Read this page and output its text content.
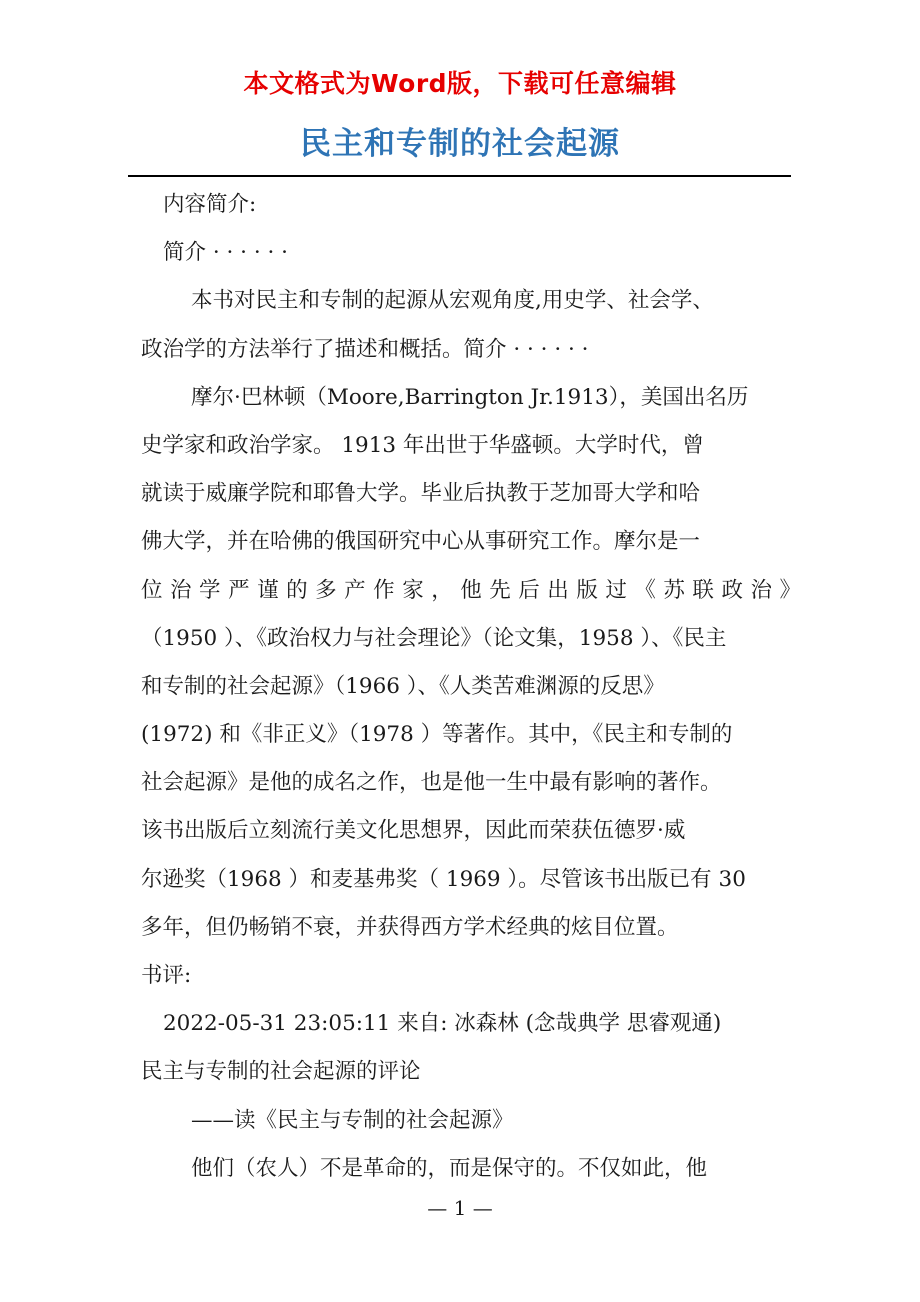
本文格式为Word版，下载可任意编辑
民主和专制的社会起源
内容简介:
简介 · · · · · ·
本书对民主和专制的起源从宏观角度,用史学、社会学、
政治学的方法举行了描述和概括。简介 · · · · · ·
摩尔·巴林顿（Moore,Barrington Jr.1913），美国出名历
史学家和政治学家。 1913 年出世于华盛顿。大学时代，曾
就读于威廉学院和耶鲁大学。毕业后执教于芝加哥大学和哈
佛大学，并在哈佛的俄国研究中心从事研究工作。摩尔是一
位治学严谨的多产作家，他先后出版过《苏联政治》
（1950 ）、《政治权力与社会理论》（论文集，1958 ）、《民主
和专制的社会起源》（1966 ）、《人类苦难渊源的反思》
(1972) 和《非正义》（1978 ）等著作。其中，《民主和专制的
社会起源》是他的成名之作，也是他一生中最有影响的著作。
该书出版后立刻流行美文化思想界，因此而荣获伍德罗·威
尔逊奖（1968 ）和麦基弗奖（ 1969 ）。尽管该书出版已有 30
多年，但仍畅销不衰，并获得西方学术经典的炫目位置。
书评:
2022-05-31 23:05:11 来自: 冰森林 (念哉典学 思睿观通)
民主与专制的社会起源的评论
——读《民主与专制的社会起源》
他们（农人）不是革命的，而是保守的。不仅如此，他
— 1 —
